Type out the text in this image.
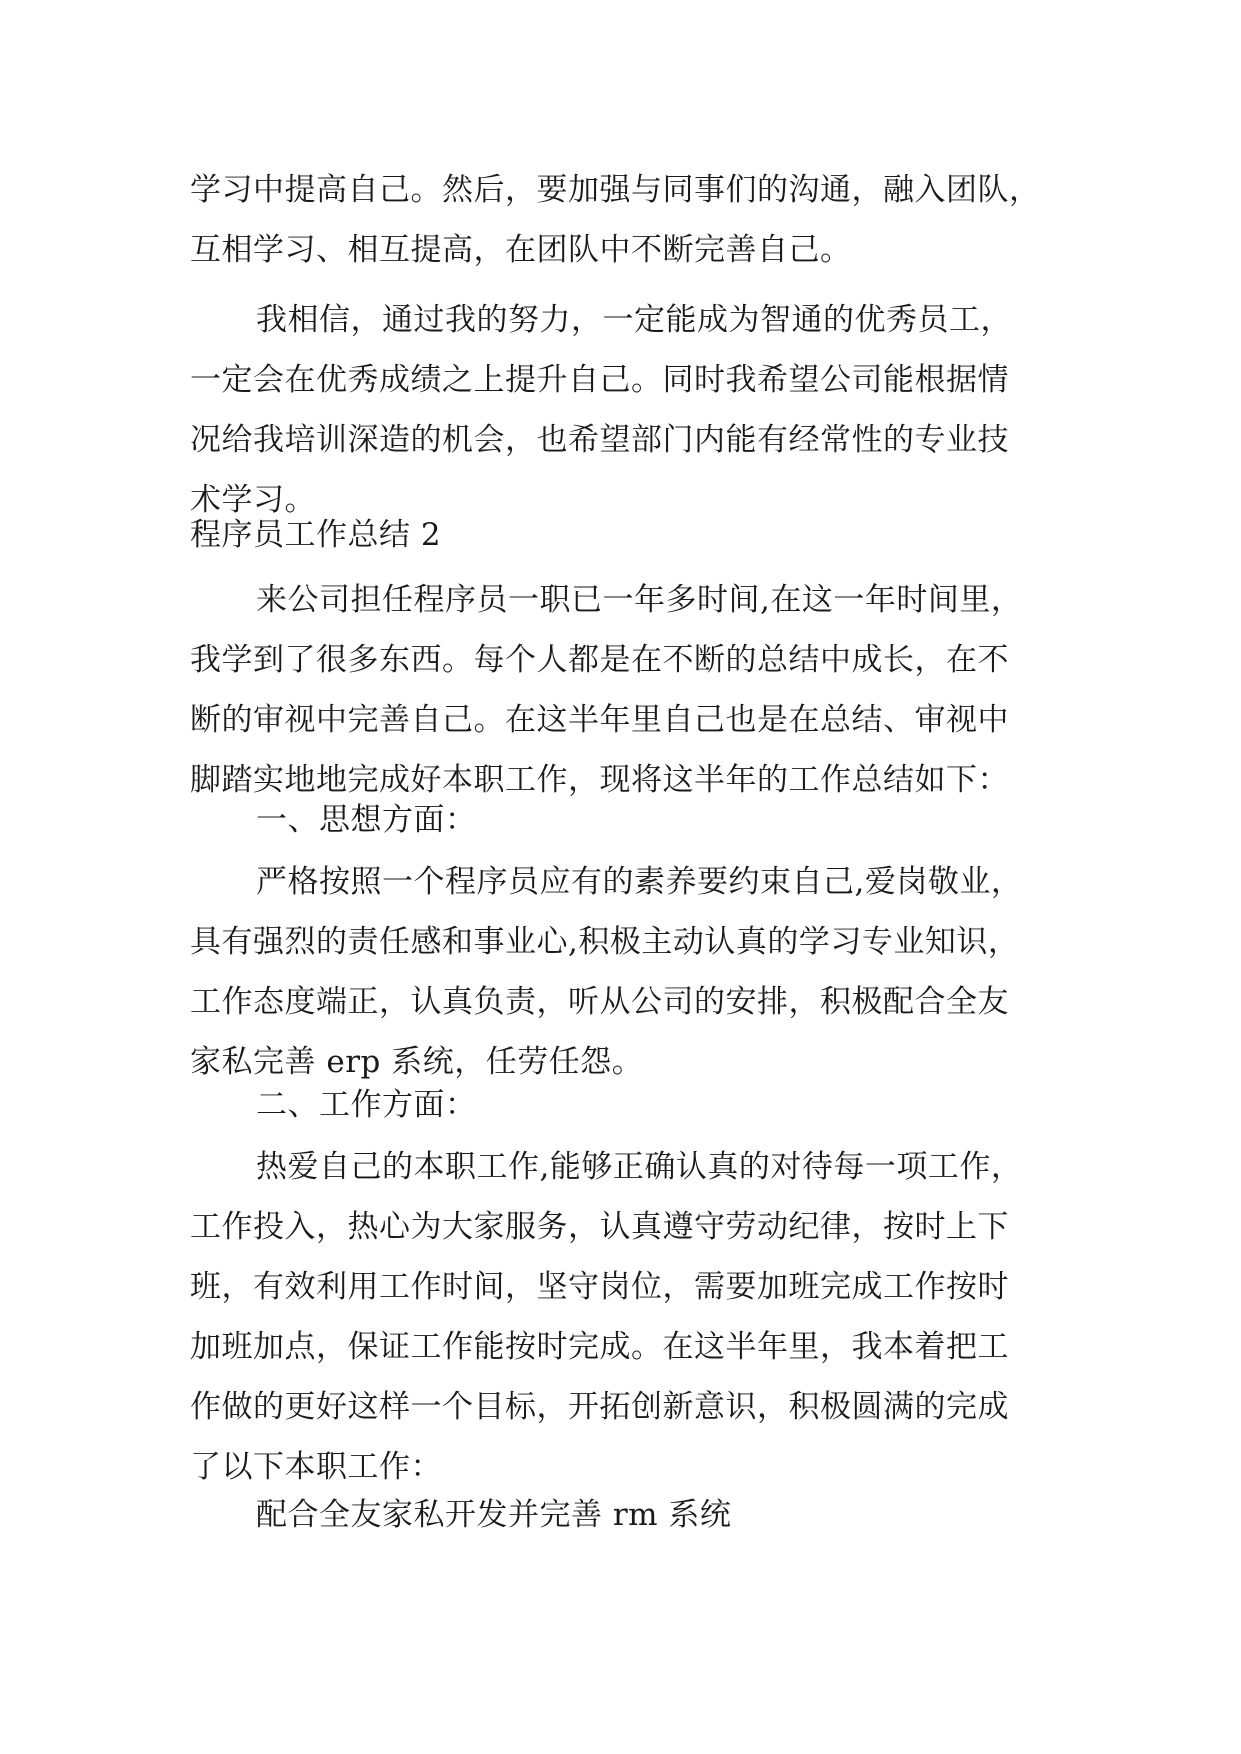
学习中提高自己。然后，要加强与同事们的沟通，融入团队，
互相学习、相互提高，在团队中不断完善自己。
我相信，通过我的努力，一定能成为智通的优秀员工，
一定会在优秀成绩之上提升自己。同时我希望公司能根据情
况给我培训深造的机会，也希望部门内能有经常性的专业技
术学习。
程序员工作总结 2
来公司担任程序员一职已一年多时间,在这一年时间里，
我学到了很多东西。每个人都是在不断的总结中成长，在不
断的审视中完善自己。在这半年里自己也是在总结、审视中
脚踏实地地完成好本职工作，现将这半年的工作总结如下：
一、思想方面：
严格按照一个程序员应有的素养要约束自己,爱岗敬业，
具有强烈的责任感和事业心,积极主动认真的学习专业知识，
工作态度端正，认真负责，听从公司的安排，积极配合全友
家私完善 erp 系统，任劳任怨。
二、工作方面：
热爱自己的本职工作,能够正确认真的对待每一项工作，
工作投入，热心为大家服务，认真遵守劳动纪律，按时上下
班，有效利用工作时间，坚守岗位，需要加班完成工作按时
加班加点，保证工作能按时完成。在这半年里，我本着把工
作做的更好这样一个目标，开拓创新意识，积极圆满的完成
了以下本职工作：
配合全友家私开发并完善 rm 系统
